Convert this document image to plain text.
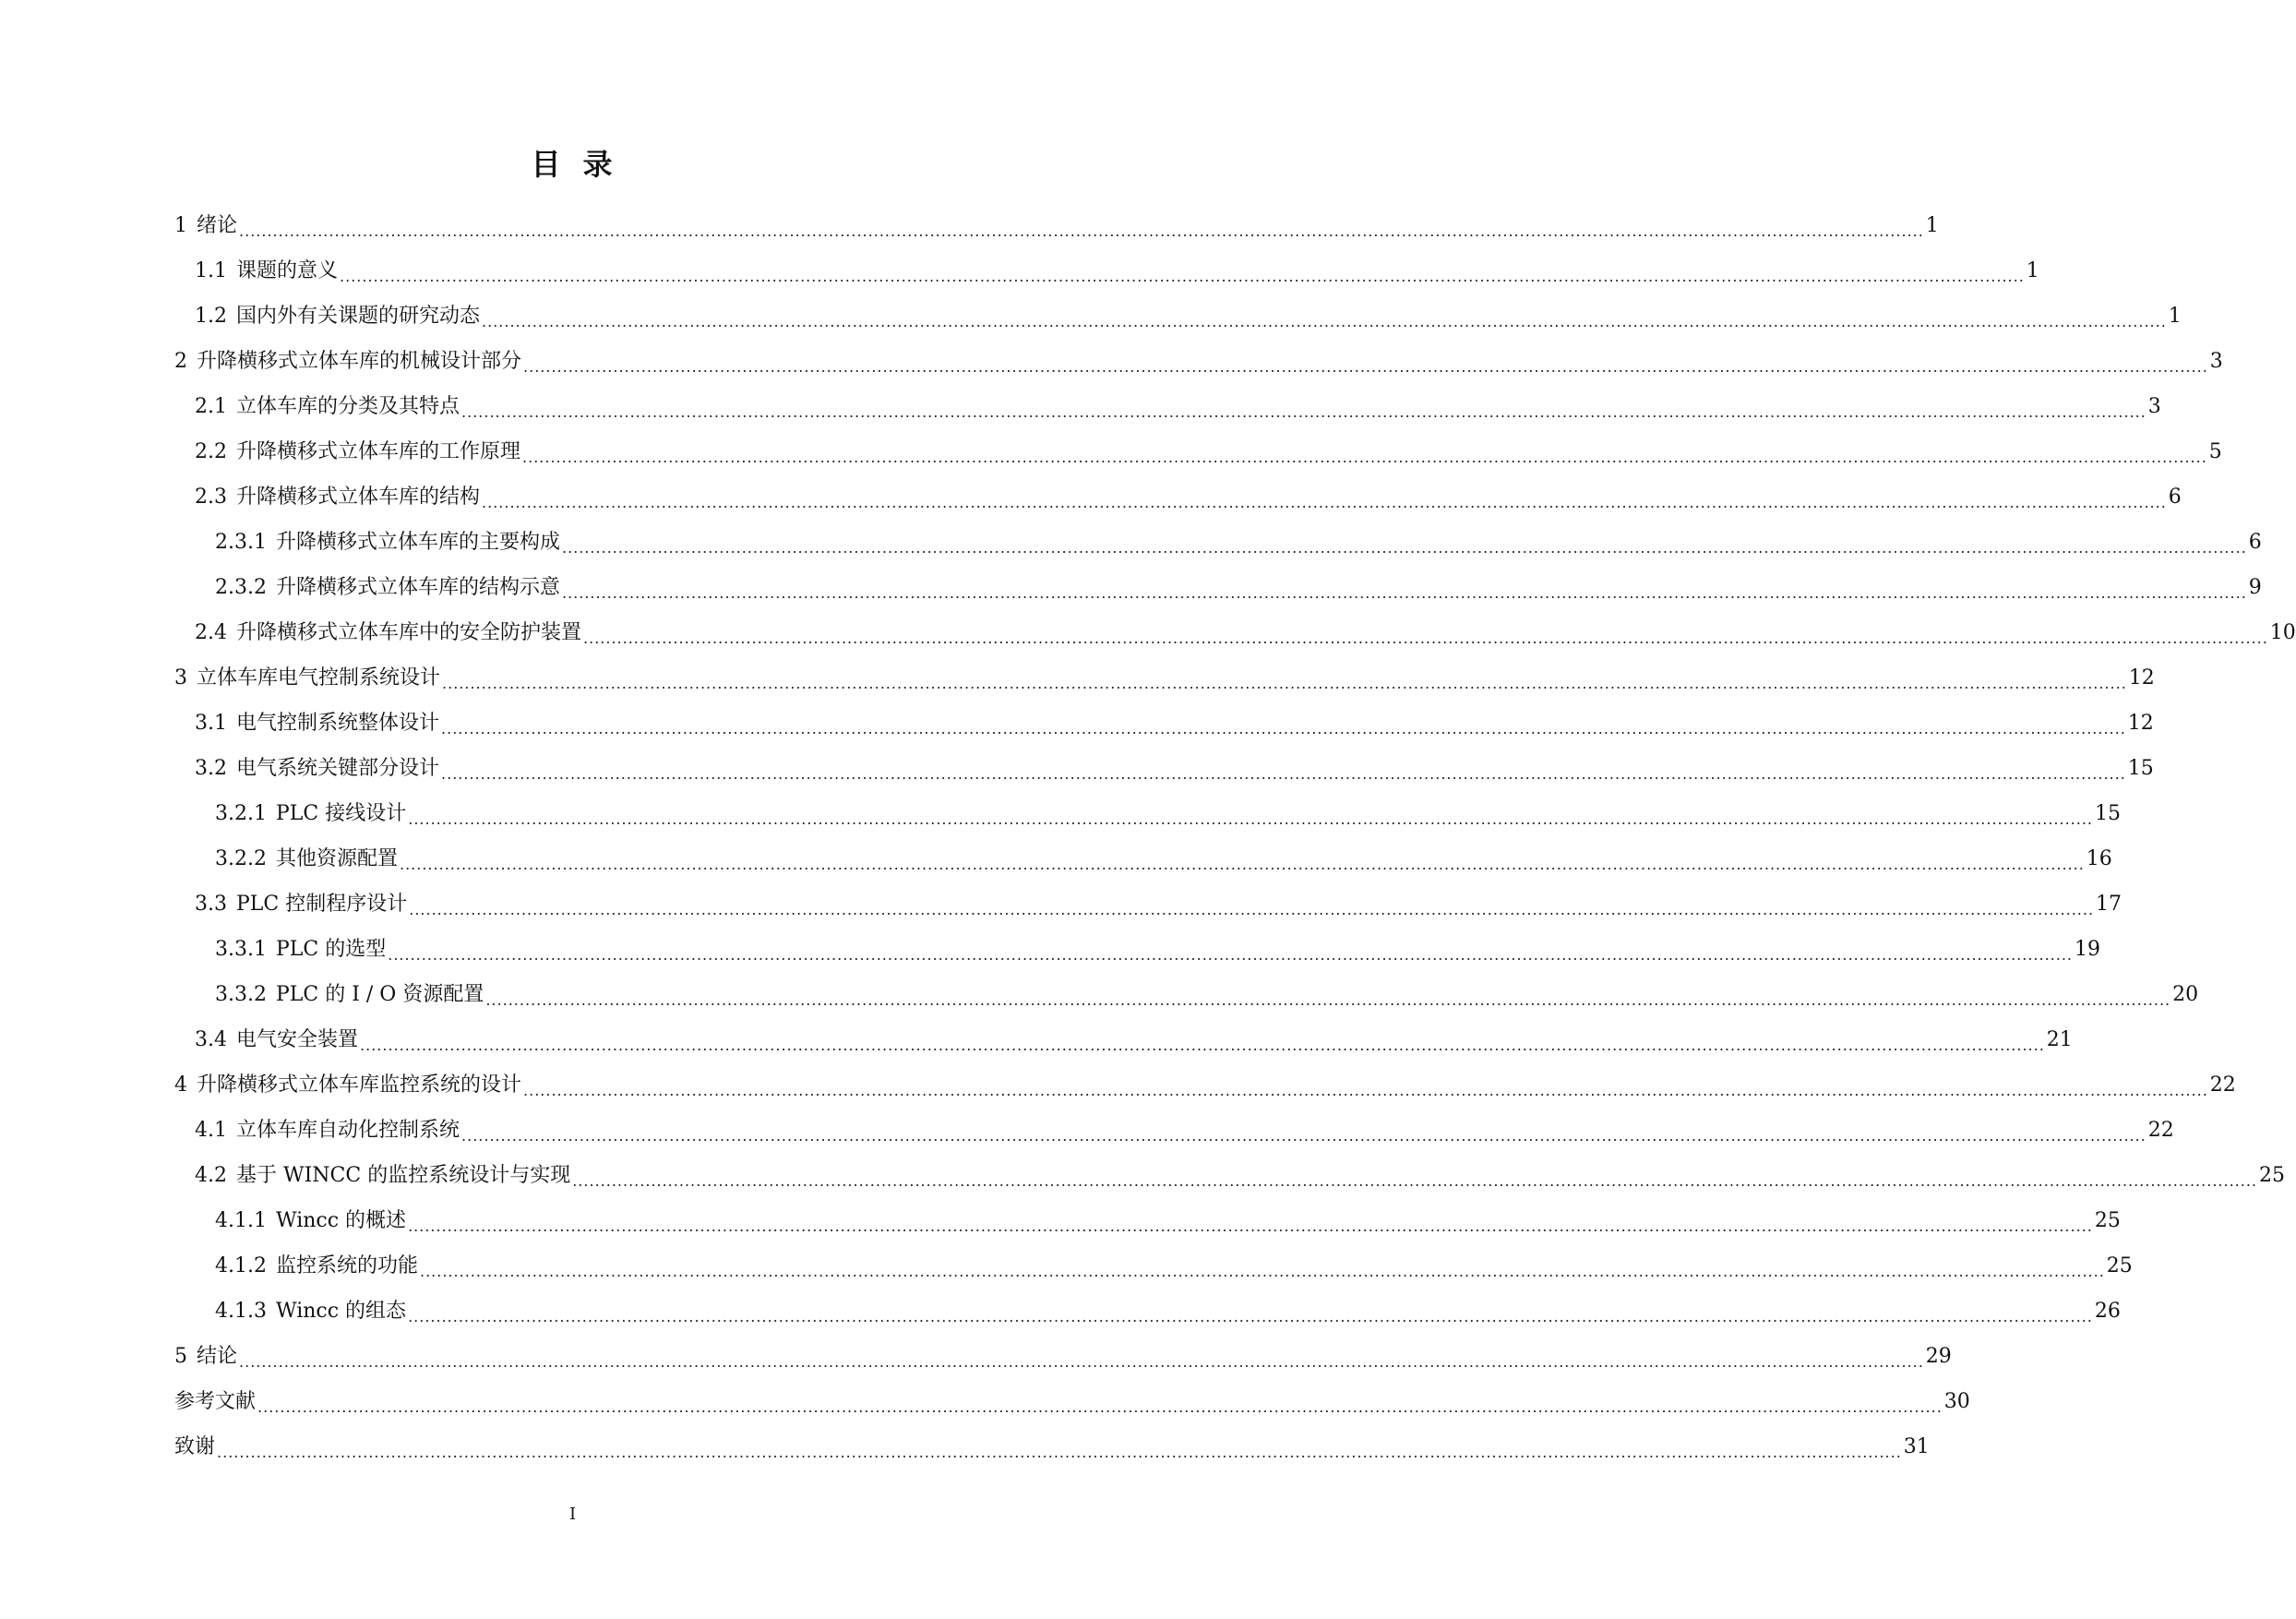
目 录
1 绪论 ............................................................................................................................................................................................................................................................................................................ 1
1.1 课题的意义 ............................................................................................................................................................................................................................................................................................................ 1
1.2 国内外有关课题的研究动态 ............................................................................................................................................................................................................................................................................................................ 1
2 升降横移式立体车库的机械设计部分 ............................................................................................................................................................................................................................................................................................................ 3
2.1 立体车库的分类及其特点 ............................................................................................................................................................................................................................................................................................................ 3
2.2 升降横移式立体车库的工作原理 ............................................................................................................................................................................................................................................................................................................ 5
2.3 升降横移式立体车库的结构 ............................................................................................................................................................................................................................................................................................................ 6
2.3.1 升降横移式立体车库的主要构成 ............................................................................................................................................................................................................................................................................................................ 6
2.3.2 升降横移式立体车库的结构示意 ............................................................................................................................................................................................................................................................................................................ 9
2.4 升降横移式立体车库中的安全防护装置 ............................................................................................................................................................................................................................................................................................................ 10
3 立体车库电气控制系统设计 ............................................................................................................................................................................................................................................................................................................ 12
3.1 电气控制系统整体设计 ............................................................................................................................................................................................................................................................................................................ 12
3.2 电气系统关键部分设计 ............................................................................................................................................................................................................................................................................................................ 15
3.2.1 PLC 接线设计 ............................................................................................................................................................................................................................................................................................................ 15
3.2.2 其他资源配置 ............................................................................................................................................................................................................................................................................................................ 16
3.3 PLC 控制程序设计 ............................................................................................................................................................................................................................................................................................................ 17
3.3.1 PLC 的选型 ............................................................................................................................................................................................................................................................................................................ 19
3.3.2 PLC 的 I / O 资源配置 ............................................................................................................................................................................................................................................................................................................ 20
3.4 电气安全装置 ............................................................................................................................................................................................................................................................................................................ 21
4 升降横移式立体车库监控系统的设计 ............................................................................................................................................................................................................................................................................................................ 22
4.1 立体车库自动化控制系统 ............................................................................................................................................................................................................................................................................................................ 22
4.2 基于 WINCC 的监控系统设计与实现 ............................................................................................................................................................................................................................................................................................................ 25
4.1.1 Wincc 的概述 ............................................................................................................................................................................................................................................................................................................ 25
4.1.2 监控系统的功能 ............................................................................................................................................................................................................................................................................................................ 25
4.1.3 Wincc 的组态 ............................................................................................................................................................................................................................................................................................................ 26
5 结论 ............................................................................................................................................................................................................................................................................................................ 29
参考文献 ............................................................................................................................................................................................................................................................................................................ 30
致谢 ............................................................................................................................................................................................................................................................................................................ 31
I
